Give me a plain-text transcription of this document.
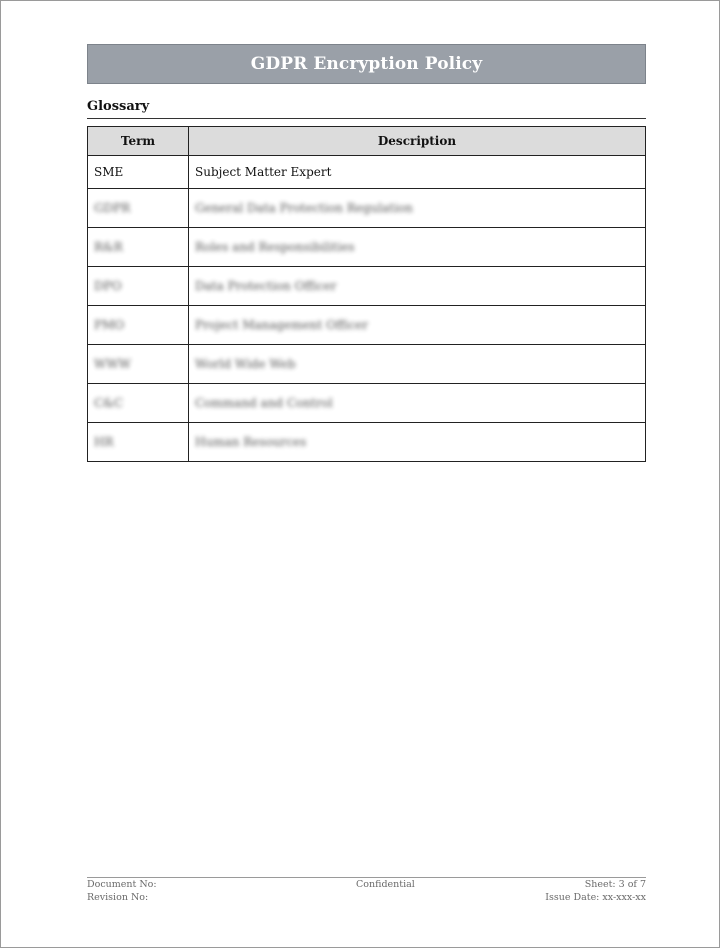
GDPR Encryption Policy
Glossary
Term	Description
SME	Subject Matter Expert
GDPR	General Data Protection Regulation
R&R	Roles and Responsibilities
DPO	Data Protection Officer
PMO	Project Management Officer
WWW	World Wide Web
C&C	Command and Control
HR	Human Resources
Document No:
Revision No:
Confidential	Sheet: 3 of 7
Issue Date: xx-xxx-xx
